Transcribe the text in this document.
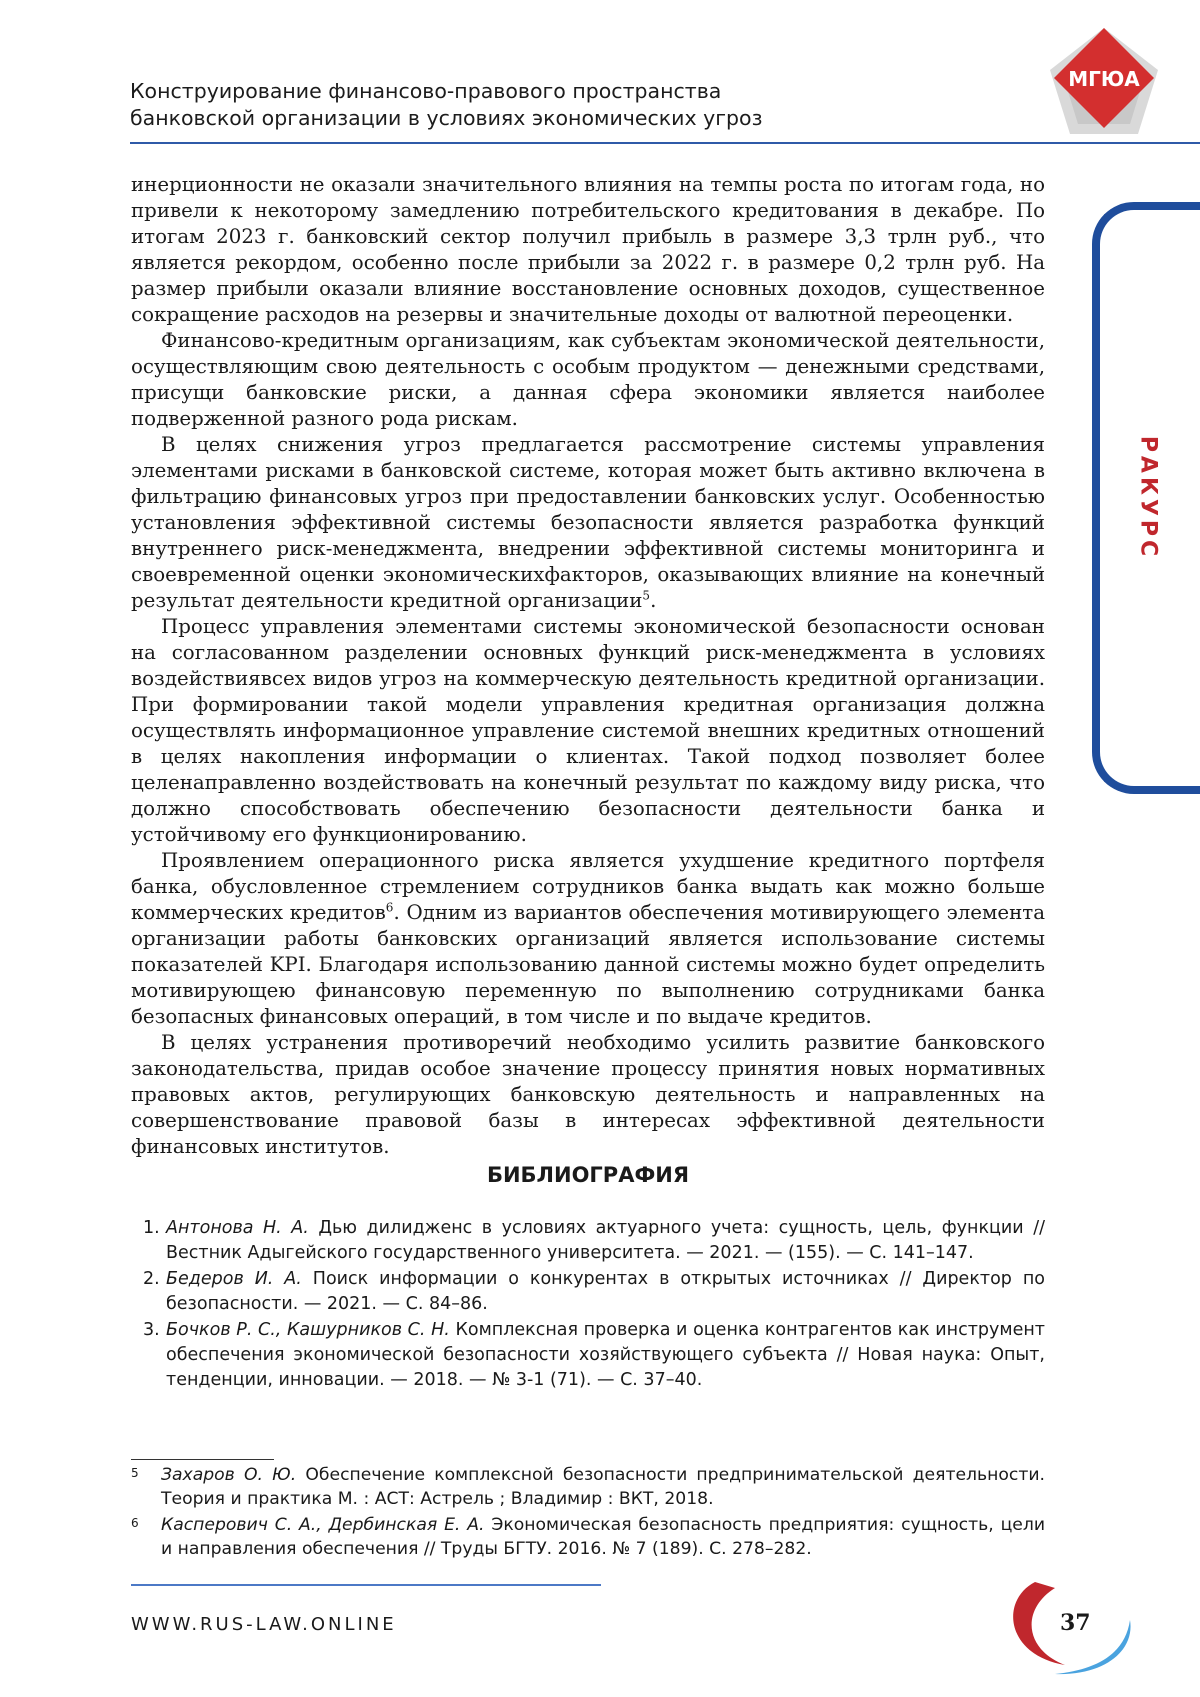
Конструирование финансово-правового пространства
банковской организации в условиях экономических угроз
МГЮА
РАКУРС

инерционности не оказали значительного влияния на темпы роста по итогам года, но привели к некоторому замедлению потребительского кредитования в декабре. По итогам 2023 г. банковский сектор получил прибыль в размере 3,3 трлн руб., что является рекордом, особенно после прибыли за 2022 г. в размере 0,2 трлн руб. На размер прибыли оказали влияние восстановление основных доходов, существенное сокращение расходов на резервы и значительные доходы от валютной переоценки.

Финансово-кредитным организациям, как субъектам экономической деятельности, осуществляющим свою деятельность с особым продуктом — денежными средствами, присущи банковские риски, а данная сфера экономики является наиболее подверженной разного рода рискам.

В целях снижения угроз предлагается рассмотрение системы управления элементами рисками в банковской системе, которая может быть активно включена в фильтрацию финансовых угроз при предоставлении банковских услуг. Особенностью установления эффективной системы безопасности является разработка функций внутреннего риск-менеджмента, внедрении эффективной системы мониторинга и своевременной оценки экономическихфакторов, оказывающих влияние на конечный результат деятельности кредитной организации5.

Процесс управления элементами системы экономической безопасности основан на согласованном разделении основных функций риск-менеджмента в условиях воздействиявсех видов угроз на коммерческую деятельность кредитной организации. При формировании такой модели управления кредитная организация должна осуществлять информационное управление системой внешних кредитных отношений в целях накопления информации о клиентах. Такой подход позволяет более целенаправленно воздействовать на конечный результат по каждому виду риска, что должно способствовать обеспечению безопасности деятельности банка и устойчивому его функционированию.

Проявлением операционного риска является ухудшение кредитного портфеля банка, обусловленное стремлением сотрудников банка выдать как можно больше коммерческих кредитов6. Одним из вариантов обеспечения мотивирующего элемента организации работы банковских организаций является использование системы показателей KPI. Благодаря использованию данной системы можно будет определить мотивирующею финансовую переменную по выполнению сотрудниками банка безопасных финансовых операций, в том числе и по выдаче кредитов.

В целях устранения противоречий необходимо усилить развитие банковского законодательства, придав особое значение процессу принятия новых нормативных правовых актов, регулирующих банковскую деятельность и направленных на совершенствование правовой базы в интересах эффективной деятельности финансовых институтов.

БИБЛИОГРАФИЯ
1. Антонова Н. А. Дью дилидженс в условиях актуарного учета: сущность, цель, функции // Вестник Адыгейского государственного университета. — 2021. — (155). — С. 141–147.
2. Бедеров И. А. Поиск информации о конкурентах в открытых источниках // Директор по безопасности. — 2021. — С. 84–86.
3. Бочков Р. С., Кашурников С. Н. Комплексная проверка и оценка контрагентов как инструмент обеспечения экономической безопасности хозяйствующего субъекта // Новая наука: Опыт, тенденции, инновации. — 2018. — № 3-1 (71). — С. 37–40.
5 Захаров О. Ю. Обеспечение комплексной безопасности предпринимательской деятельности. Теория и практика М. : АСТ: Астрель ; Владимир : ВКТ, 2018.
6 Касперович С. А., Дербинская Е. А. Экономическая безопасность предприятия: сущность, цели и направления обеспечения // Труды БГТУ. 2016. № 7 (189). С. 278–282.
WWW.RUS-LAW.ONLINE	37
